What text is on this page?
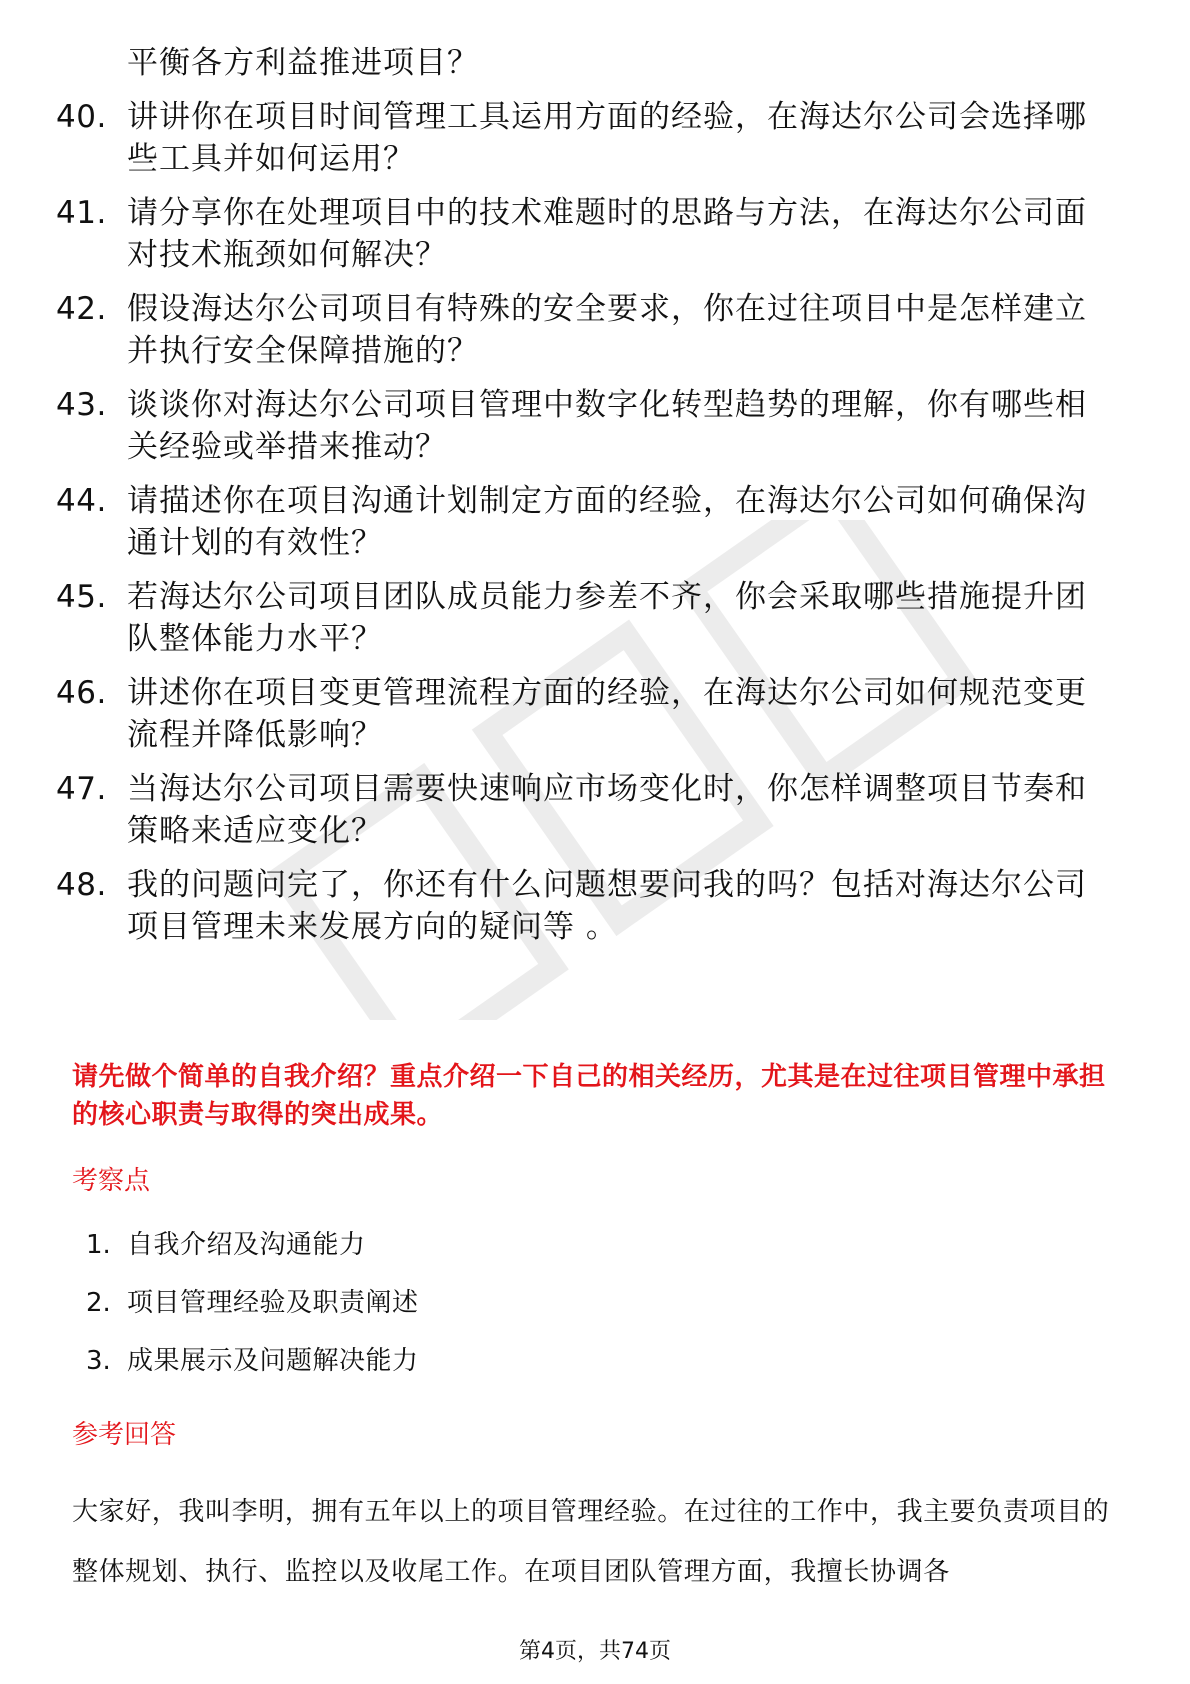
平衡各方利益推进项目？
40. 讲讲你在项目时间管理工具运用方面的经验，在海达尔公司会选择哪些工具并如何运用？
41. 请分享你在处理项目中的技术难题时的思路与方法，在海达尔公司面对技术瓶颈如何解决？
42. 假设海达尔公司项目有特殊的安全要求，你在过往项目中是怎样建立并执行安全保障措施的？
43. 谈谈你对海达尔公司项目管理中数字化转型趋势的理解，你有哪些相关经验或举措来推动？
44. 请描述你在项目沟通计划制定方面的经验，在海达尔公司如何确保沟通计划的有效性？
45. 若海达尔公司项目团队成员能力参差不齐，你会采取哪些措施提升团队整体能力水平？
46. 讲述你在项目变更管理流程方面的经验，在海达尔公司如何规范变更流程并降低影响？
47. 当海达尔公司项目需要快速响应市场变化时，你怎样调整项目节奏和策略来适应变化？
48. 我的问题问完了，你还有什么问题想要问我的吗？包括对海达尔公司项目管理未来发展方向的疑问等 。
请先做个简单的自我介绍？重点介绍一下自己的相关经历，尤其是在过往项目管理中承担的核心职责与取得的突出成果。
考察点
1. 自我介绍及沟通能力
2. 项目管理经验及职责阐述
3. 成果展示及问题解决能力
参考回答
大家好，我叫李明，拥有五年以上的项目管理经验。在过往的工作中，我主要负责项目的整体规划、执行、监控以及收尾工作。在项目团队管理方面，我擅长协调各
第4页，共74页
